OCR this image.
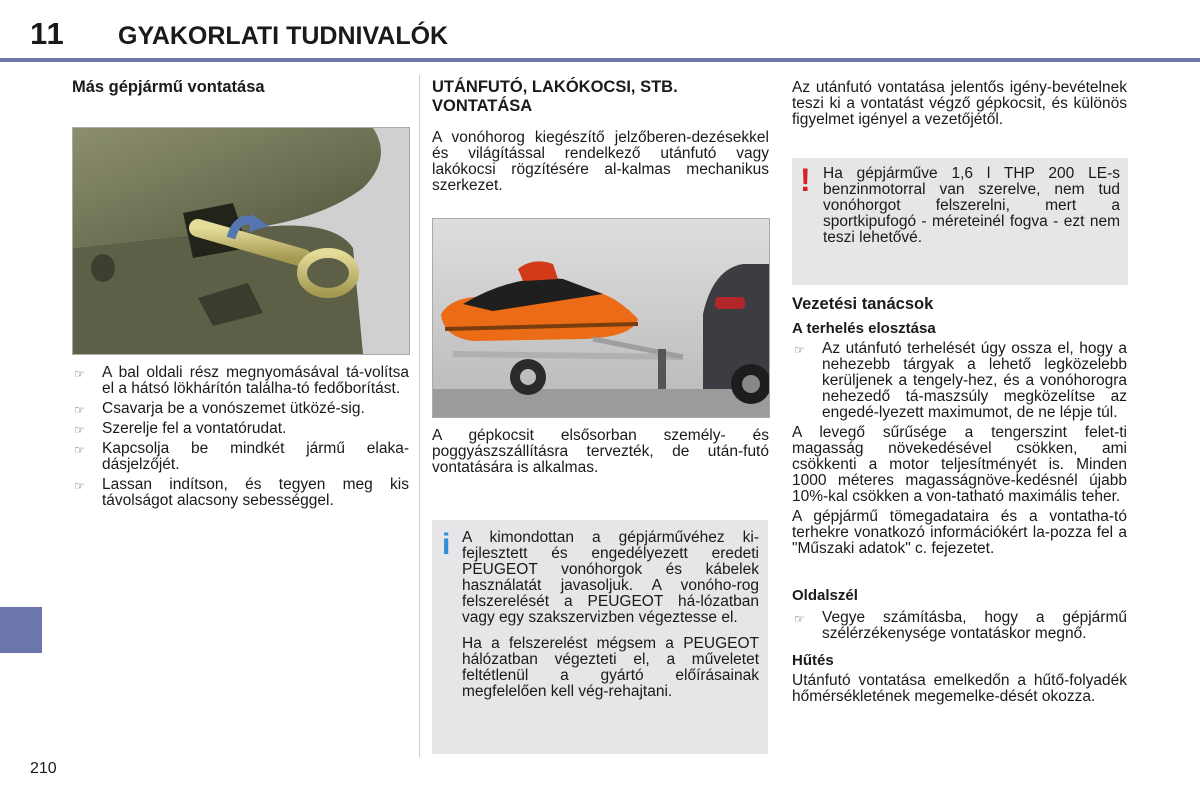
11 GYAKORLATI TUDNIVALÓK
210
Más gépjármű vontatása
☞ A bal oldali rész megnyomásával tá-volítsa el a hátsó lökhárítón találha-tó fedőborítást.
☞ Csavarja be a vonószemet ütközé-sig.
☞ Szerelje fel a vontatórudat.
☞ Kapcsolja be mindkét jármű elaka-dásjelzőjét.
☞ Lassan indítson, és tegyen meg kis távolságot alacsony sebességgel.
UTÁNFUTÓ, LAKÓKOCSI, STB.
VONTATÁSA

A vonóhorog kiegészítő jelzőberen-dezésekkel és világítással rendelkező utánfutó vagy lakókocsi rögzítésére al-kalmas mechanikus szerkezet.

A gépkocsit elsősorban személy- és poggyászszállításra tervezték, de után-futó vontatására is alkalmas.

i A kimondottan a gépjárművéhez ki-fejlesztett és engedélyezett eredeti PEUGEOT vonóhorgok és kábelek használatát javasoljuk. A vonóho-rog felszerelését a PEUGEOT há-lózatban vagy egy szakszervizben végeztesse el.

Ha a felszerelést mégsem a PEUGEOT hálózatban végezteti el, a műveletet feltétlenül a gyártó előírásainak megfelelően kell vég-rehajtani.

Az utánfutó vontatása jelentős igény-bevételnek teszi ki a vontatást végző gépkocsit, és különös figyelmet igényel a vezetőjétől.

! Ha gépjárműve 1,6 l THP 200 LE-s benzinmotorral van szerelve, nem tud vonóhorgot felszerelni, mert a sportkipufogó - méreteinél fogva - ezt nem teszi lehetővé.

Vezetési tanácsok
A terhelés elosztása
☞ Az utánfutó terhelését úgy ossza el, hogy a nehezebb tárgyak a lehető legközelebb kerüljenek a tengely-hez, és a vonóhorogra nehezedő tá-maszsúly megközelítse az engedé-lyezett maximumot, de ne lépje túl.

A levegő sűrűsége a tengerszint felet-ti magasság növekedésével csökken, ami csökkenti a motor teljesítményét is. Minden 1000 méteres magasságnöve-kedésnél újabb 10%-kal csökken a von-tatható maximális teher.

A gépjármű tömegadataira és a vontatha-tó terhekre vonatkozó információkért la-pozza fel a "Műszaki adatok" c. fejezetet.

Oldalszél
☞ Vegye számításba, hogy a gépjármű szélérzékenysége vontatáskor megnő.
Hűtés

Utánfutó vontatása emelkedőn a hűtő-folyadék hőmérsékletének megemelke-dését okozza.
